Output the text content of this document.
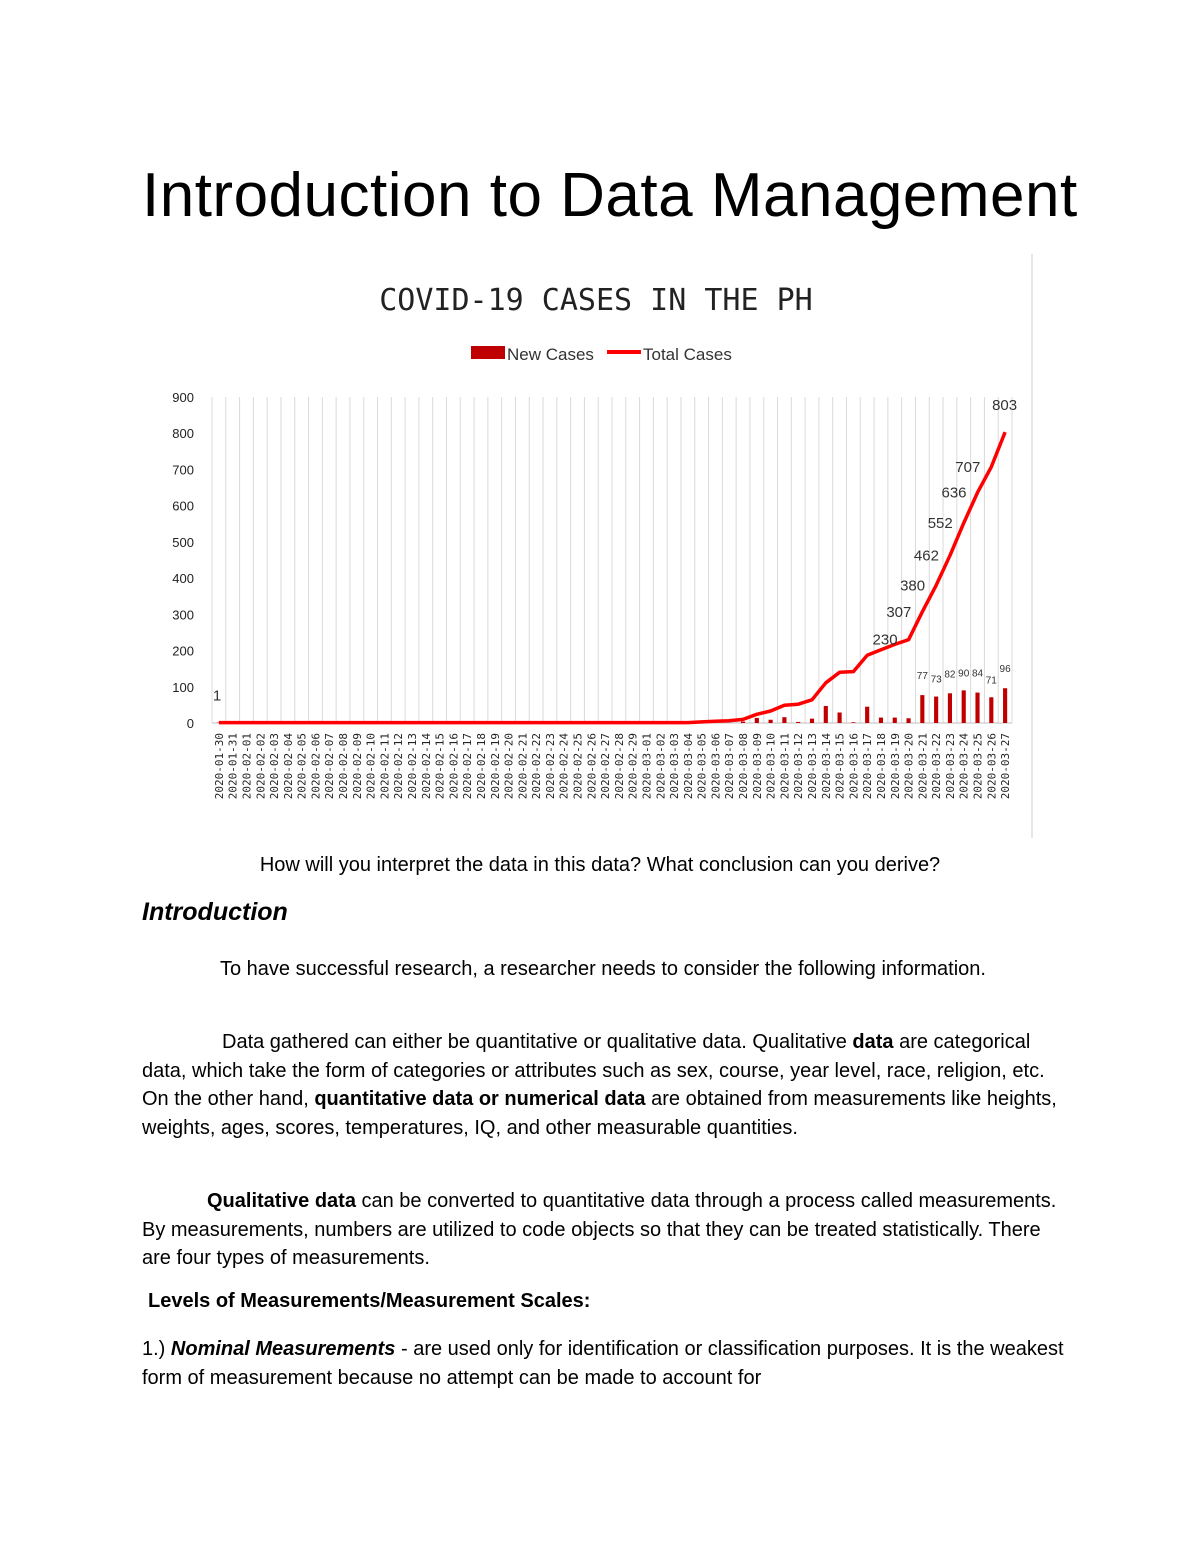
Introduction to Data Management
COVID-19 CASES IN THE PH
New Cases	Total Cases
0
100
200
300
400
500
600
700
800
900
1
230
307
380
462
552
636
707
803
77 73 82 90 84
71
96
2020-01-30 2020-01-31 2020-02-01 2020-02-02 2020-02-03 2020-02-04 2020-02-05 2020-02-06 2020-02-07 2020-02-08 2020-02-09 2020-02-10 2020-02-11 2020-02-12 2020-02-13 2020-02-14 2020-02-15 2020-02-16 2020-02-17 2020-02-18 2020-02-19 2020-02-20 2020-02-21 2020-02-22 2020-02-23 2020-02-24 2020-02-25 2020-02-26 2020-02-27 2020-02-28 2020-02-29 2020-03-01 2020-03-02 2020-03-03 2020-03-04 2020-03-05 2020-03-06 2020-03-07 2020-03-08 2020-03-09 2020-03-10 2020-03-11 2020-03-12 2020-03-13 2020-03-14 2020-03-15 2020-03-16 2020-03-17 2020-03-18 2020-03-19 2020-03-20 2020-03-21 2020-03-22 2020-03-23 2020-03-24 2020-03-25 2020-03-26 2020-03-27

How will you interpret the data in this data? What conclusion can you derive?

Introduction

To have successful research, a researcher needs to consider the following information.

Data gathered can either be quantitative or qualitative data. Qualitative data are categorical data, which take the form of categories or attributes such as sex, course, year level, race, religion, etc. On the other hand, quantitative data or numerical data are obtained from measurements like heights, weights, ages, scores, temperatures, IQ, and other measurable quantities.

Qualitative data can be converted to quantitative data through a process called measurements. By measurements, numbers are utilized to code objects so that they can be treated statistically. There are four types of measurements.

Levels of Measurements/Measurement Scales:

1.) Nominal Measurements - are used only for identification or classification purposes. It is the weakest form of measurement because no attempt can be made to account for
